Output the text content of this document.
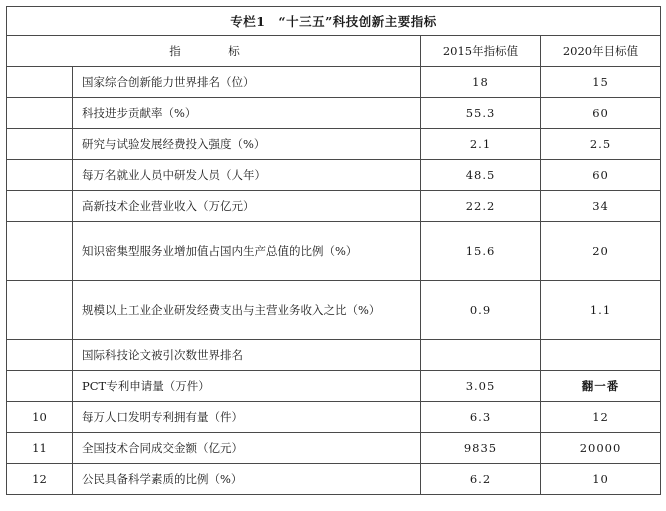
专栏1　“十三五”科技创新主要指标			
指　标		2015年指标值	2020年目标值
	国家综合创新能力世界排名（位）	18	15
	科技进步贡献率（%）	55.3	60
	研究与试验发展经费投入强度（%）	2.1	2.5
	每万名就业人员中研发人员（人年）	48.5	60
	高新技术企业营业收入（万亿元）	22.2	34
	知识密集型服务业增加值占国内生产总值的比例（%）	15.6	20
	规模以上工业企业研发经费支出与主营业务收入之比（%）	0.9	1.1
	国际科技论文被引次数世界排名		
	PCT专利申请量（万件）	3.05	翻一番
10	每万人口发明专利拥有量（件）	6.3	12
11	全国技术合同成交金额（亿元）	9835	20000
12	公民具备科学素质的比例（%）	6.2	10
